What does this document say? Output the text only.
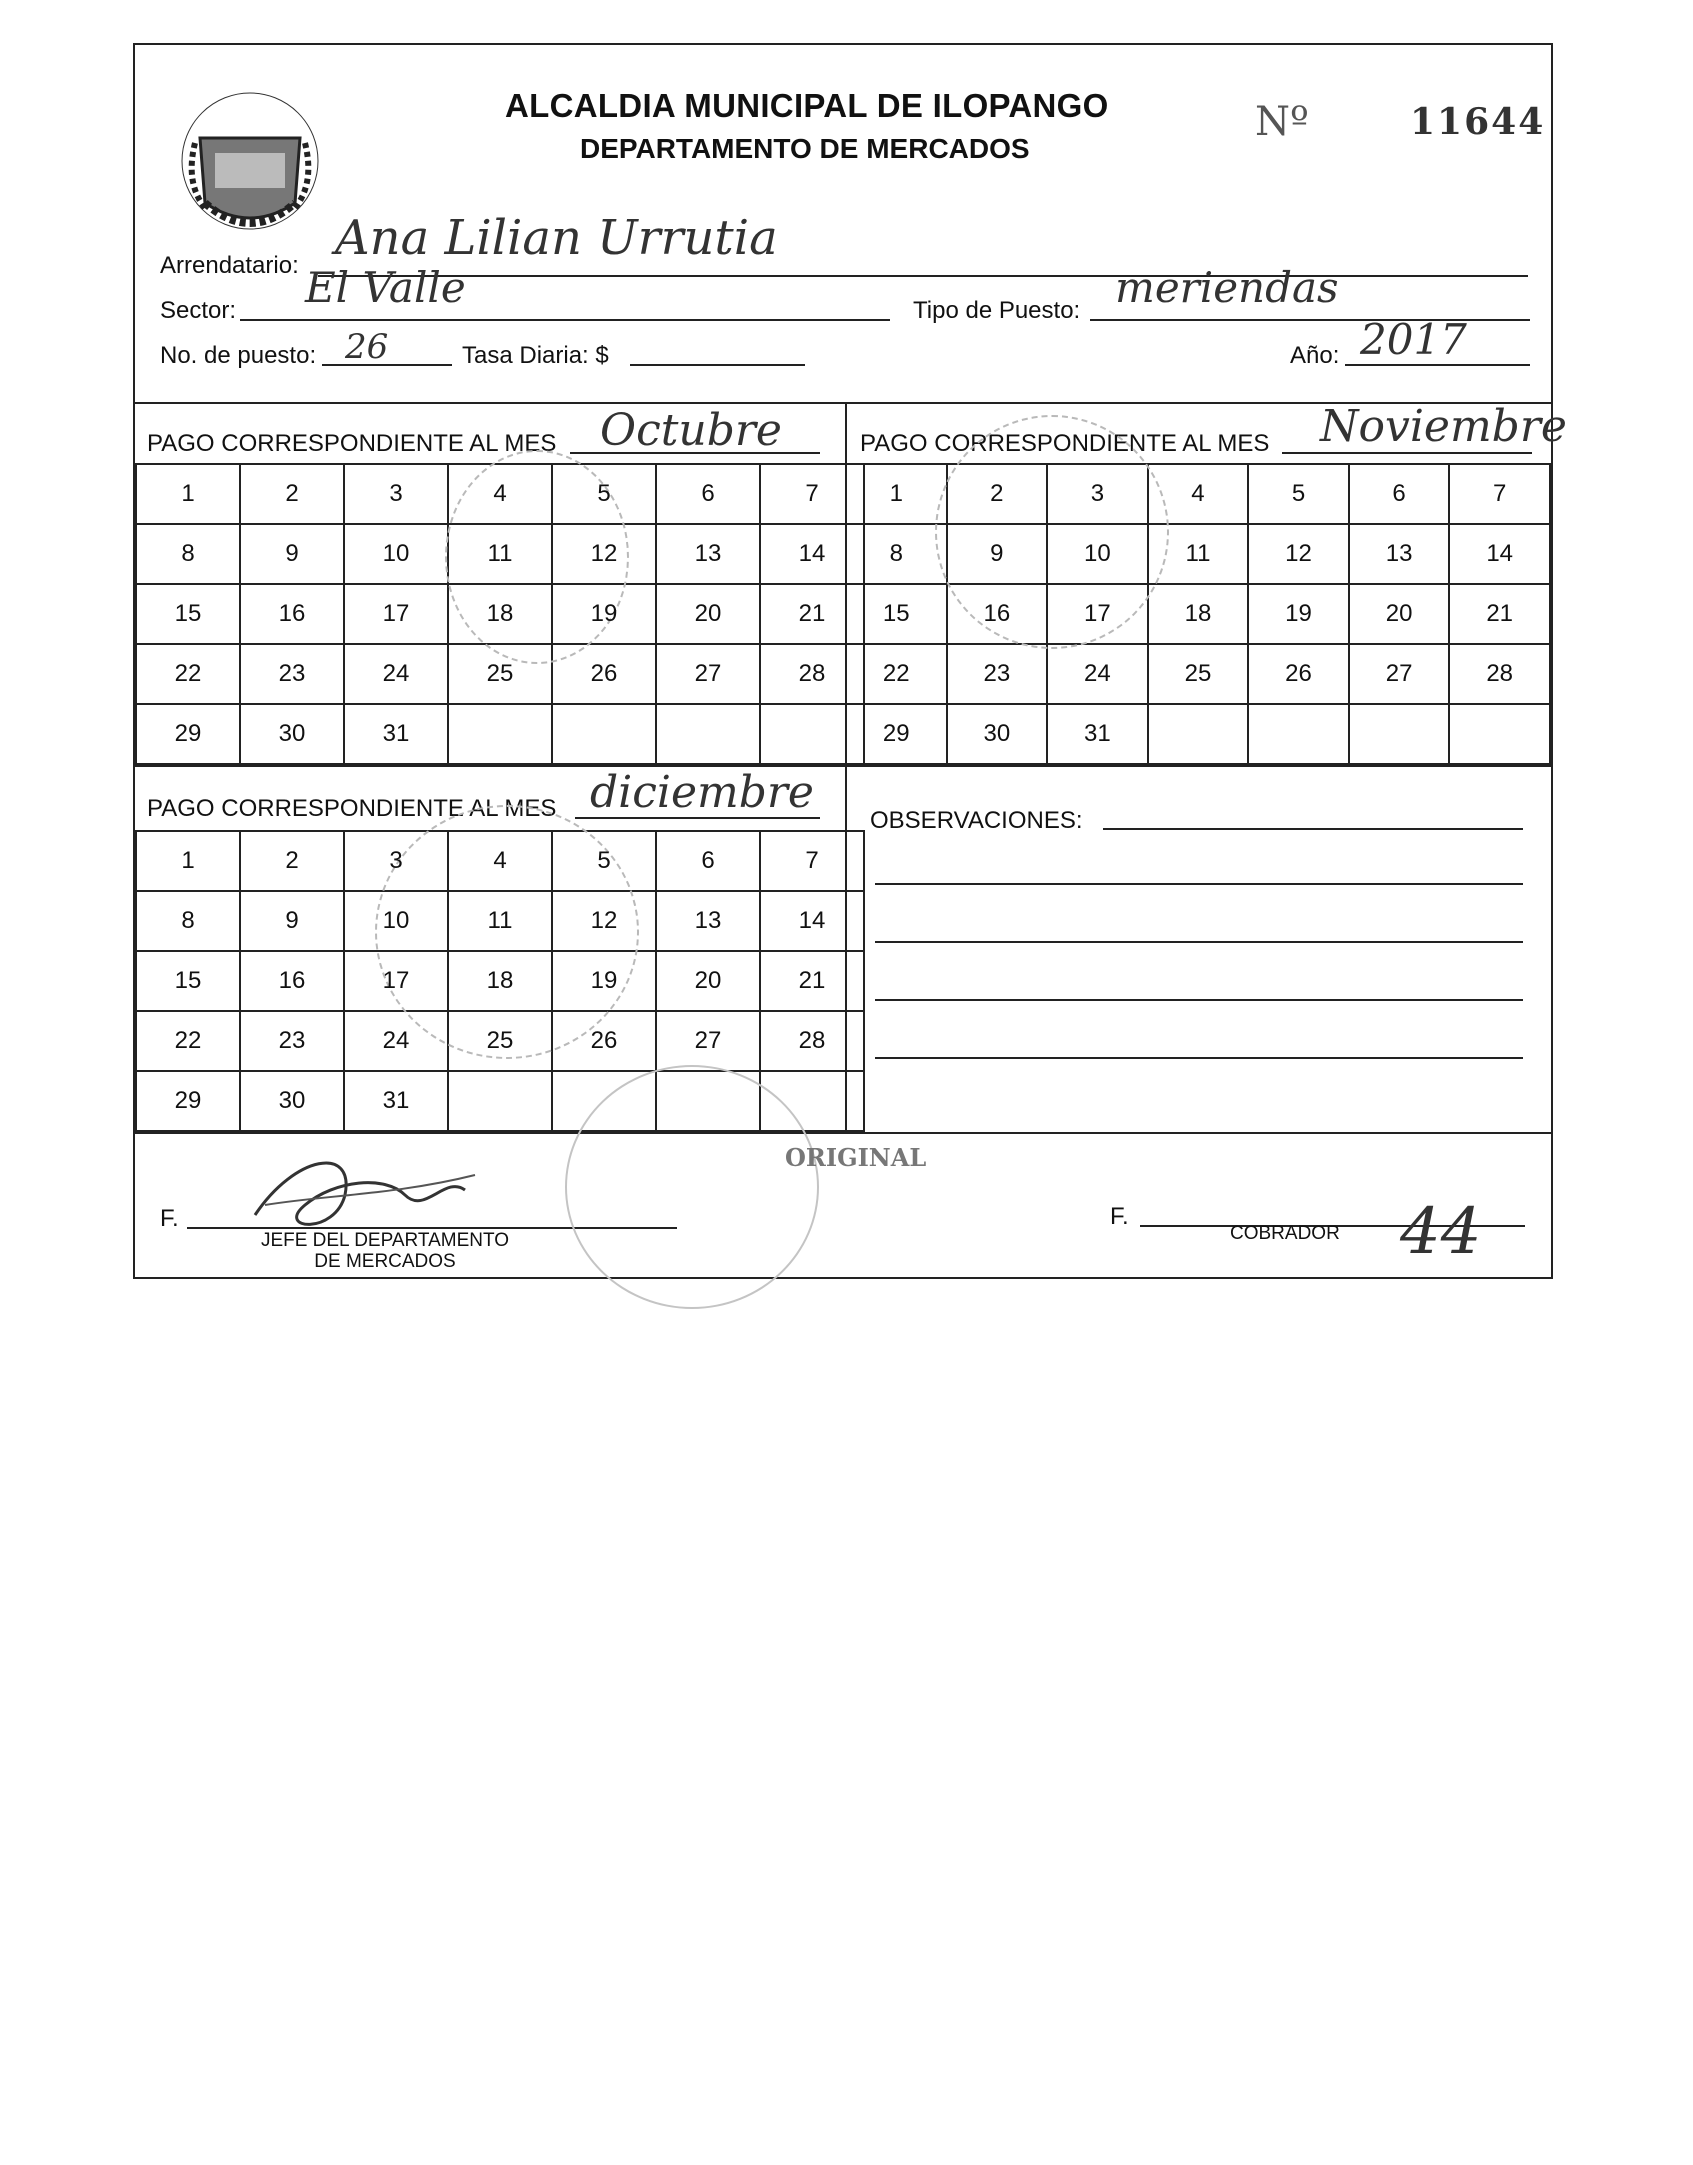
ALCALDIA MUNICIPAL DE ILOPANGO
DEPARTAMENTO DE MERCADOS
Nº	11644
Arrendatario: Ana Lilian Urrutia
Sector: El Valle	Tipo de Puesto: meriendas
No. de puesto: 26	Tasa Diaria: $	Año: 2017
PAGO CORRESPONDIENTE AL MES Octubre	PAGO CORRESPONDIENTE AL MES Noviembre
PAGO CORRESPONDIENTE AL MES diciembre
1	2	3	4	5	6	7
8	9	10	11	12	13	14
15	16	17	18	19	20	21
22	23	24	25	26	27	28
29	30	31				
1	2	3	4	5	6	7
8	9	10	11	12	13	14
15	16	17	18	19	20	21
22	23	24	25	26	27	28
29	30	31				
1	2	3	4	5	6	7
8	9	10	11	12	13	14
15	16	17	18	19	20	21
22	23	24	25	26	27	28
29	30	31				
OBSERVACIONES:
F.
JEFE DEL DEPARTAMENTO
DE MERCADOS
ORIGINAL
F.
COBRADOR 44
